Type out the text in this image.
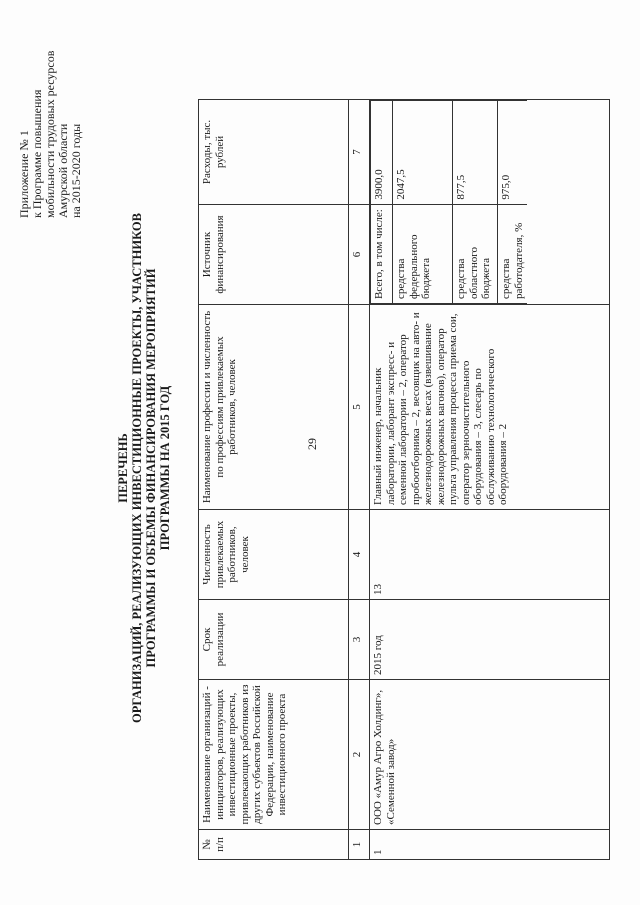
29
Приложение № 1 к Программе повышения мобильности трудовых ресурсов Амурской области на 2015-2020 годы
ПЕРЕЧЕНЬ ОРГАНИЗАЦИЙ, РЕАЛИЗУЮЩИХ ИНВЕСТИЦИОННЫЕ ПРОЕКТЫ, УЧАСТНИКОВ ПРОГРАММЫ И ОБЪЕМЫ ФИНАНСИРОВАНИЯ МЕРОПРИЯТИЙ ПРОГРАММЫ НА 2015 ГОД
№ п/п	Наименование организаций - инициаторов, реализующих инвестиционные проекты, привлекающих работников из других субъектов Российской Федерации, наименование инвестиционного проекта	Срок реализации	Численность привлекаемых работников, человек	Наименование профессии и численность по профессиям привлекаемых работников, человек	Источник финансирования	Расходы, тыс. рублей
1	2	3	4	5	6	7
1	ООО «Амур Агро Холдинг», «Семенной завод»	2015 год	13	Главный инженер, начальник лаборатории, лаборант экспресс- и семенной лаборатории – 2, оператор пробоотборника – 2, весовщик на авто- и железнодорожных весах (взвешивание железнодорожных вагонов), оператор пульта управления процесса приема сои, оператор зерноочистительного оборудования – 3, слесарь по обслуживанию технологического оборудования – 2	
Всего, в том числе:	3900,0
средства федерального бюджета	2047,5
средства областного бюджета	877,5
средства работодателя, %	975,0
